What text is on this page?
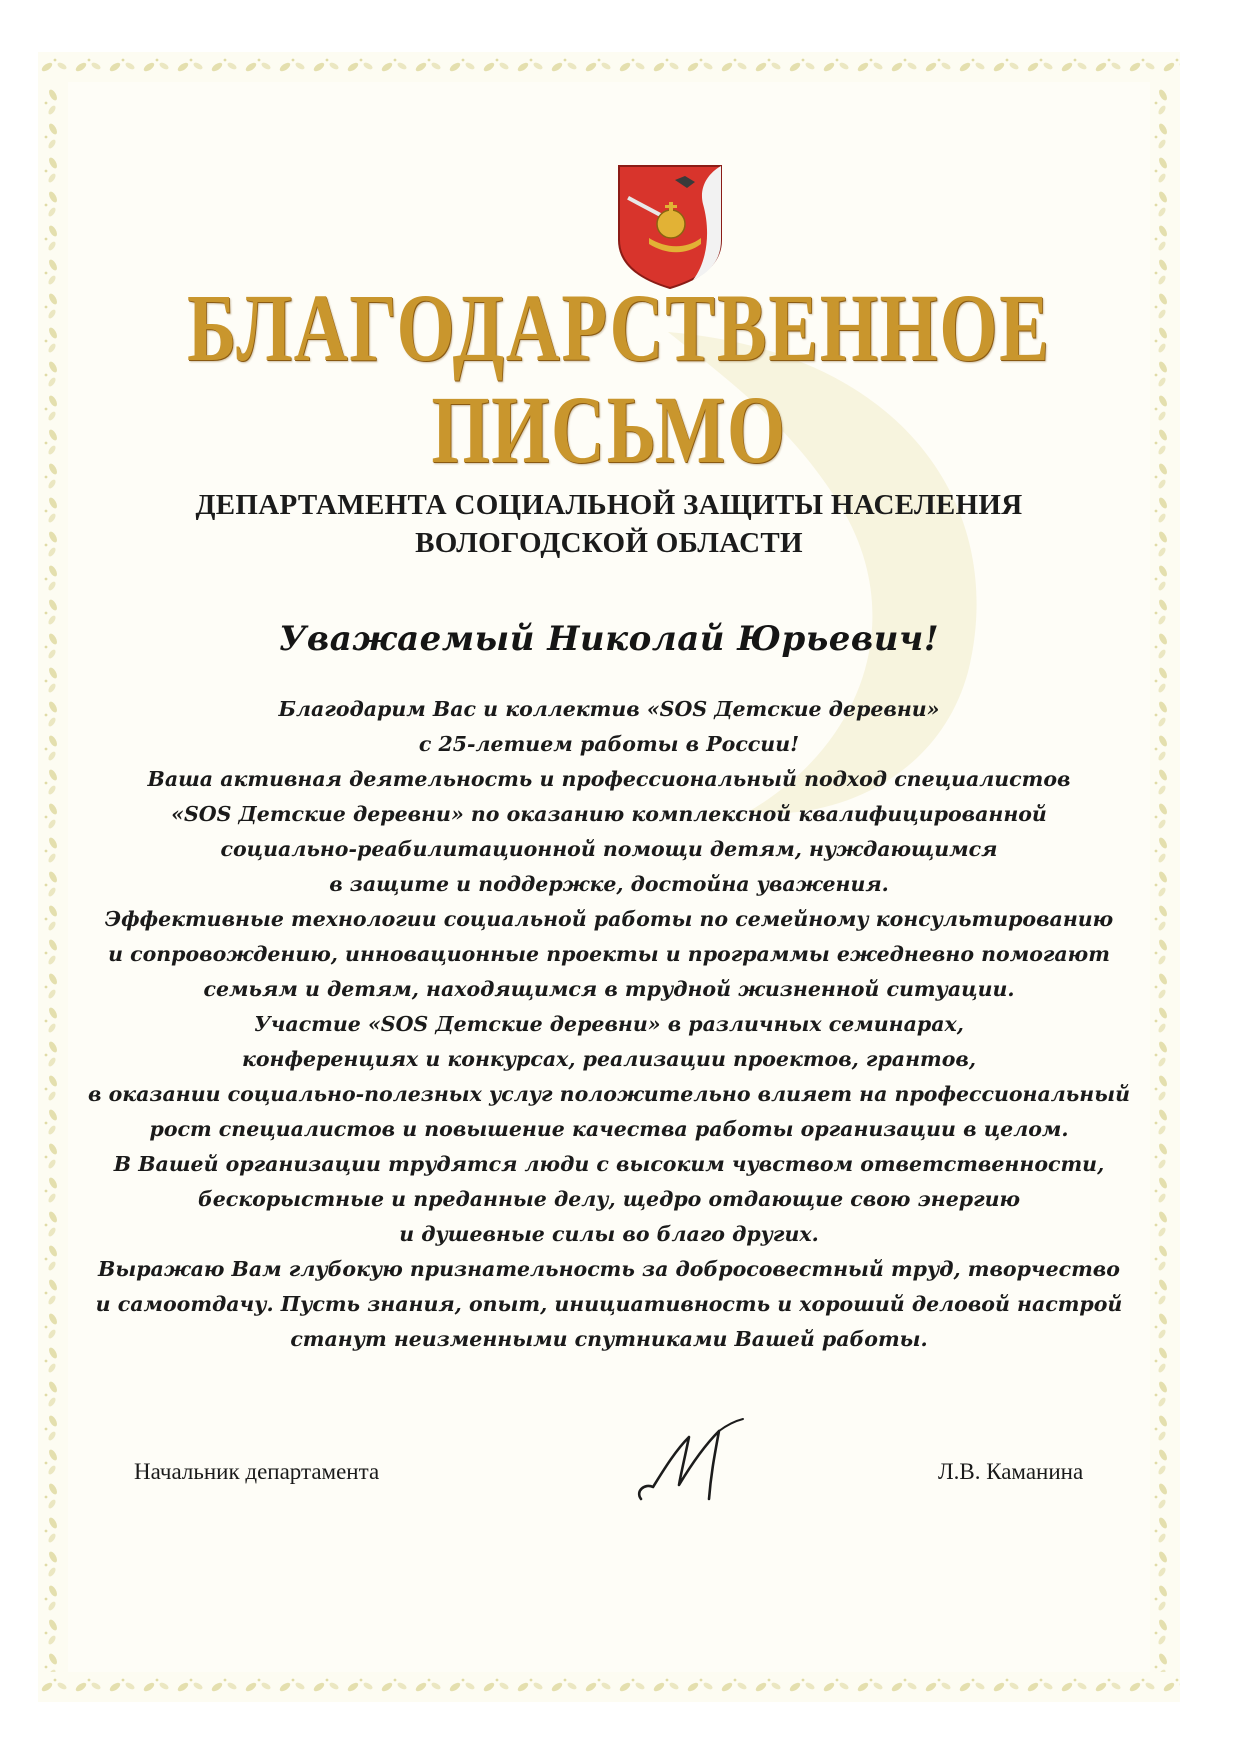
БЛАГОДАРСТВЕННОЕ
ПИСЬМО
ДЕПАРТАМЕНТА СОЦИАЛЬНОЙ ЗАЩИТЫ НАСЕЛЕНИЯ
ВОЛОГОДСКОЙ ОБЛАСТИ
Уважаемый Николай Юрьевич!
Благодарим Вас и коллектив «SOS Детские деревни»
с 25-летием работы в России!
Ваша активная деятельность и профессиональный подход специалистов
«SOS Детские деревни» по оказанию комплексной квалифицированной
социально-реабилитационной помощи детям, нуждающимся
в защите и поддержке, достойна уважения.
Эффективные технологии социальной работы по семейному консультированию
и сопровождению, инновационные проекты и программы ежедневно помогают
семьям и детям, находящимся в трудной жизненной ситуации.
Участие «SOS Детские деревни» в различных семинарах,
конференциях и конкурсах, реализации проектов, грантов,
в оказании социально-полезных услуг положительно влияет на профессиональный
рост специалистов и повышение качества работы организации в целом.
В Вашей организации трудятся люди с высоким чувством ответственности,
бескорыстные и преданные делу, щедро отдающие свою энергию
и душевные силы во благо других.
Выражаю Вам глубокую признательность за добросовестный труд, творчество
и самоотдачу. Пусть знания, опыт, инициативность и хороший деловой настрой
станут неизменными спутниками Вашей работы.
Начальник департамента	Л.В. Каманина
